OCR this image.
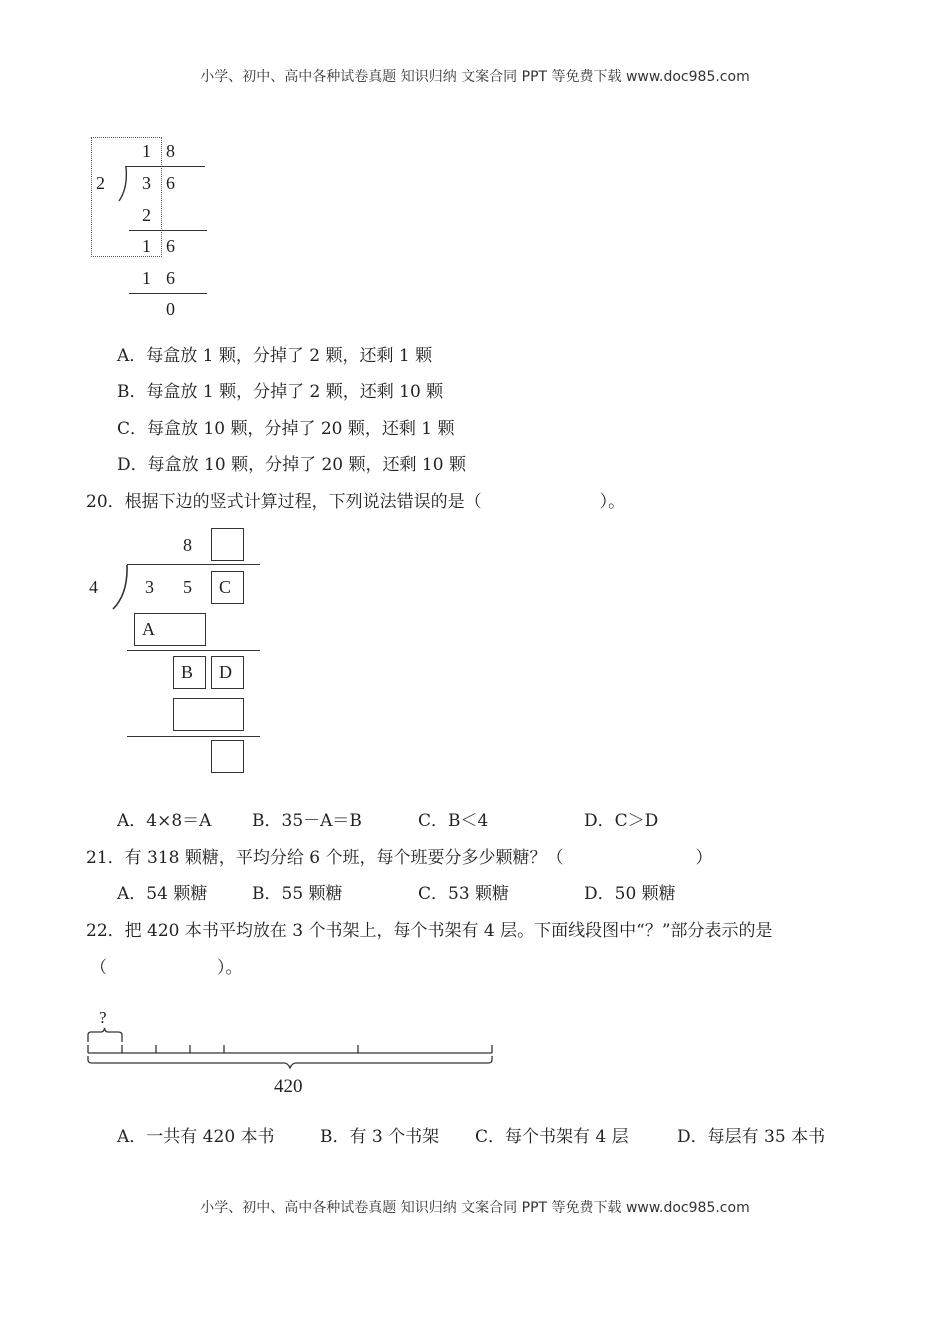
小学、初中、高中各种试卷真题 知识归纳 文案合同 PPT 等免费下载 www.doc985.com
1 8
2 3 6
2
1 6
1 6
0
A．每盒放 1 颗，分掉了 2 颗，还剩 1 颗
B．每盒放 1 颗，分掉了 2 颗，还剩 10 颗
C．每盒放 10 颗，分掉了 20 颗，还剩 1 颗
D．每盒放 10 颗，分掉了 20 颗，还剩 10 颗
20．根据下边的竖式计算过程，下列说法错误的是（	）。
8
4	3 5	C
A
B	D
A．4×8＝A B．35－A＝B	C．B＜4	D．C＞D
21．有 318 颗糖，平均分给 6 个班，每个班要分多少颗糖？（	）
A．54 颗糖	B．55 颗糖	C．53 颗糖	D．50 颗糖
22．把 420 本书平均放在 3 个书架上，每个书架有 4 层。下面线段图中“？”部分表示的是
（	）。
?
420
A．一共有 420 本书	B．有 3 个书架 C．每个书架有 4 层	D．每层有 35 本书
小学、初中、高中各种试卷真题 知识归纳 文案合同 PPT 等免费下载 www.doc985.com
